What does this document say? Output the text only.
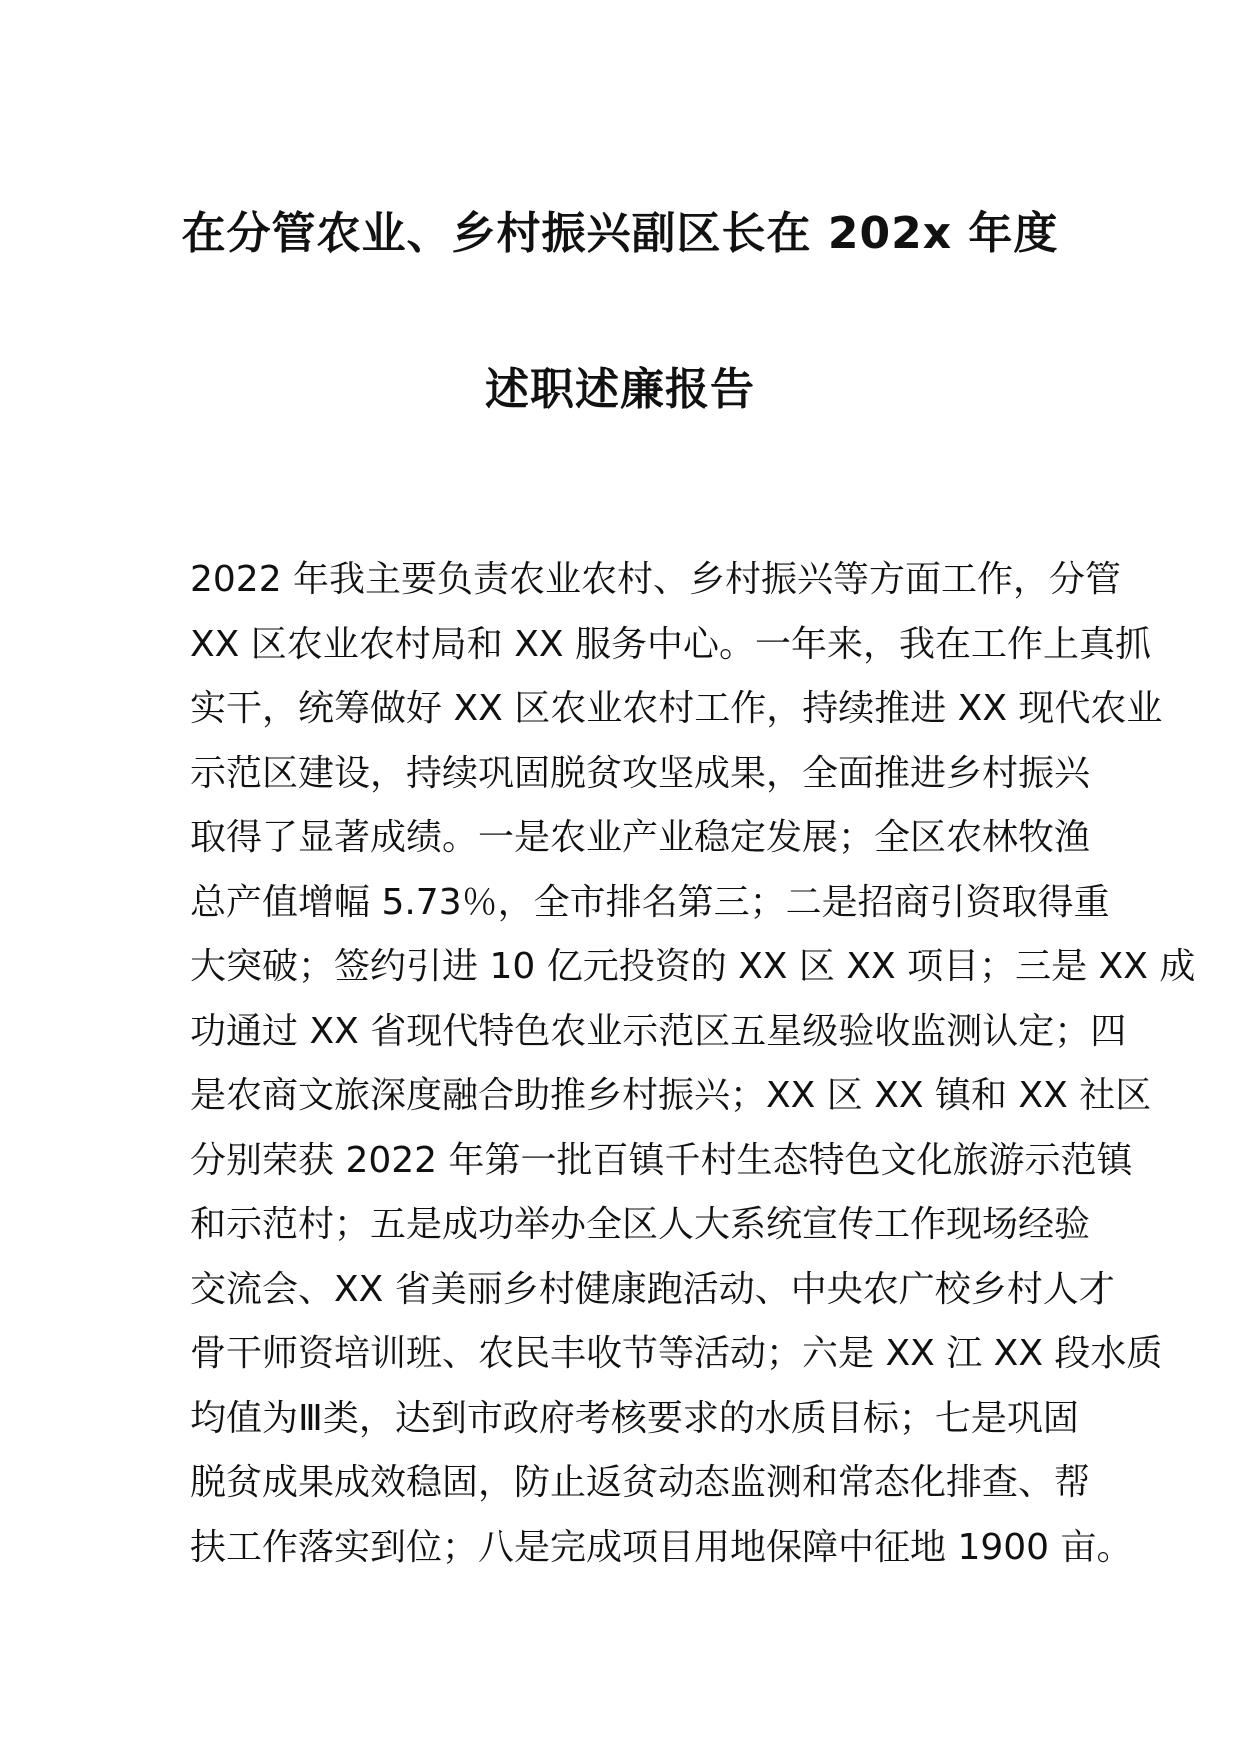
在分管农业、乡村振兴副区长在 202x 年度
述职述廉报告
2022 年我主要负责农业农村、乡村振兴等方面工作，分管
XX 区农业农村局和 XX 服务中心。一年来，我在工作上真抓
实干，统筹做好 XX 区农业农村工作，持续推进 XX 现代农业
示范区建设，持续巩固脱贫攻坚成果，全面推进乡村振兴
取得了显著成绩。一是农业产业稳定发展；全区农林牧渔
总产值增幅 5.73％，全市排名第三；二是招商引资取得重
大突破；签约引进 10 亿元投资的 XX 区 XX 项目；三是 XX 成
功通过 XX 省现代特色农业示范区五星级验收监测认定；四
是农商文旅深度融合助推乡村振兴；XX 区 XX 镇和 XX 社区
分别荣获 2022 年第一批百镇千村生态特色文化旅游示范镇
和示范村；五是成功举办全区人大系统宣传工作现场经验
交流会、XX 省美丽乡村健康跑活动、中央农广校乡村人才
骨干师资培训班、农民丰收节等活动；六是 XX 江 XX 段水质
均值为Ⅲ类，达到市政府考核要求的水质目标；七是巩固
脱贫成果成效稳固，防止返贫动态监测和常态化排查、帮
扶工作落实到位；八是完成项目用地保障中征地 1900 亩。
